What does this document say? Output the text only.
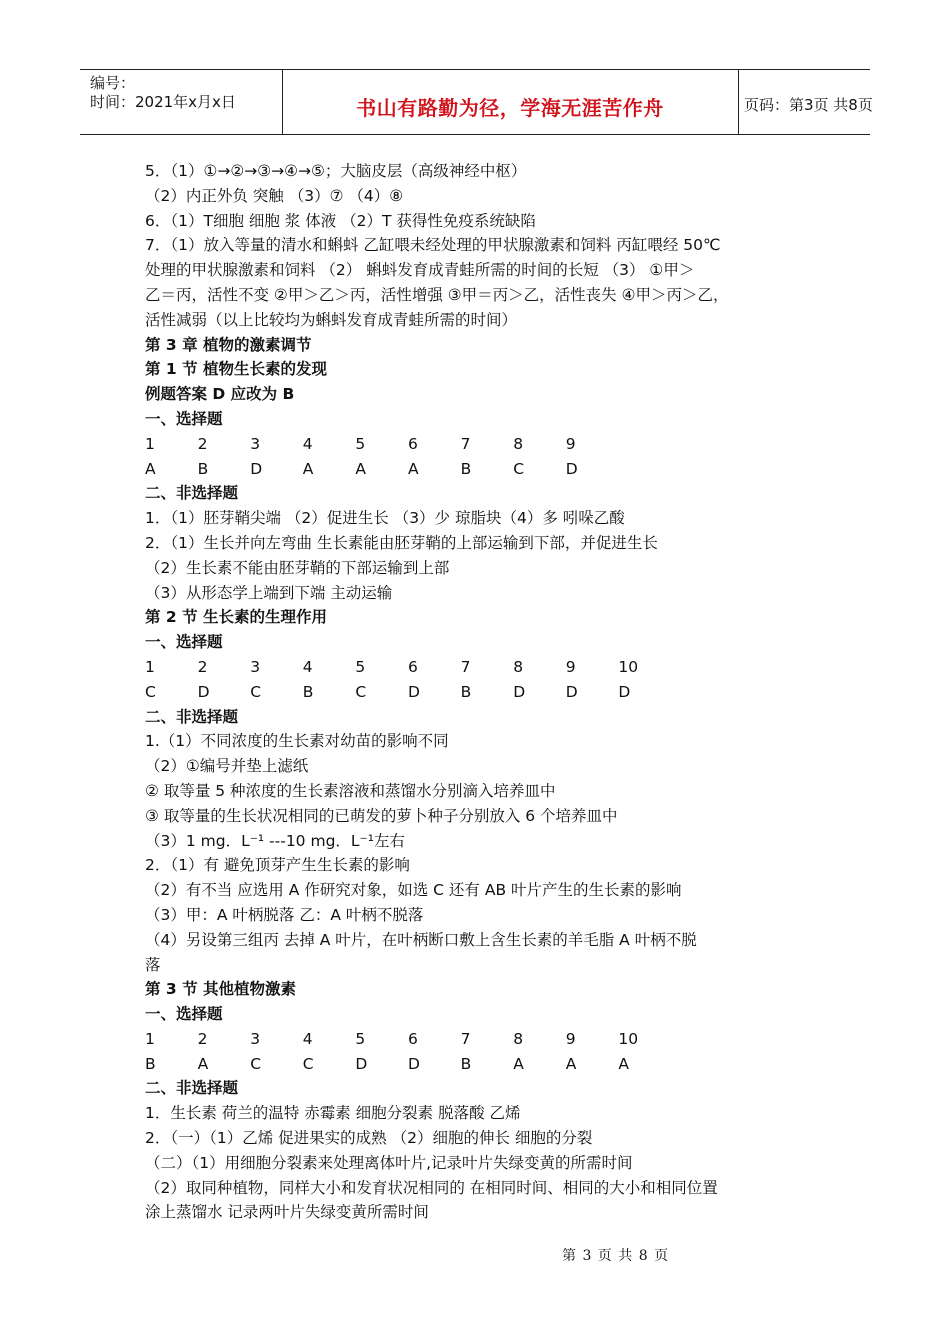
编号：
时间：2021年x月x日	书山有路勤为径，学海无涯苦作舟	页码：第3页 共8页
5．（1）①→②→③→④→⑤；大脑皮层（高级神经中枢）
（2）内正外负 突触 （3）⑦ （4）⑧
6．（1）T细胞 细胞 浆 体液 （2）T 获得性免疫系统缺陷
7．（1）放入等量的清水和蝌蚪 乙缸喂未经处理的甲状腺激素和饲料 丙缸喂经 50℃
处理的甲状腺激素和饲料 （2） 蝌蚪发育成青蛙所需的时间的长短 （3） ①甲＞
乙＝丙，活性不变 ②甲＞乙＞丙，活性增强 ③甲＝丙＞乙，活性丧失 ④甲＞丙＞乙，
活性减弱（以上比较均为蝌蚪发育成青蛙所需的时间）
第 3 章 植物的激素调节
第 1 节 植物生长素的发现
例题答案 D 应改为 B
一、选择题
1	2	3	4	5	6	7	8	9
A	B	D	A	A	A	B	C	D
二、非选择题
1．（1）胚芽鞘尖端 （2）促进生长 （3）少 琼脂块（4）多 吲哚乙酸
2．（1）生长并向左弯曲 生长素能由胚芽鞘的上部运输到下部，并促进生长
（2）生长素不能由胚芽鞘的下部运输到上部
（3）从形态学上端到下端 主动运输
第 2 节 生长素的生理作用
一、选择题
1	2	3	4	5	6	7	8	9	10
C	D	C	B	C	D	B	D	D	D
二、非选择题
1.（1）不同浓度的生长素对幼苗的影响不同
（2）①编号并垫上滤纸
② 取等量 5 种浓度的生长素溶液和蒸馏水分别滴入培养皿中
③ 取等量的生长状况相同的已萌发的萝卜种子分别放入 6 个培养皿中
（3）1 mg．L⁻¹ ---10 mg．L⁻¹左右
2．（1）有 避免顶芽产生生长素的影响
（2）有不当 应选用 A 作研究对象，如选 C 还有 AB 叶片产生的生长素的影响
（3）甲：A 叶柄脱落 乙：A 叶柄不脱落
（4）另设第三组丙 去掉 A 叶片，在叶柄断口敷上含生长素的羊毛脂 A 叶柄不脱
落
第 3 节 其他植物激素
一、选择题
1	2	3	4	5	6	7	8	9	10
B	A	C	C	D	D	B	A	A	A
二、非选择题
1．生长素 荷兰的温特 赤霉素 细胞分裂素 脱落酸 乙烯
2．（一）（1）乙烯 促进果实的成熟 （2）细胞的伸长 细胞的分裂
（二）（1）用细胞分裂素来处理离体叶片,记录叶片失绿变黄的所需时间
（2）取同种植物，同样大小和发育状况相同的 在相同时间、相同的大小和相同位置
涂上蒸馏水 记录两叶片失绿变黄所需时间
第 3 页 共 8 页
